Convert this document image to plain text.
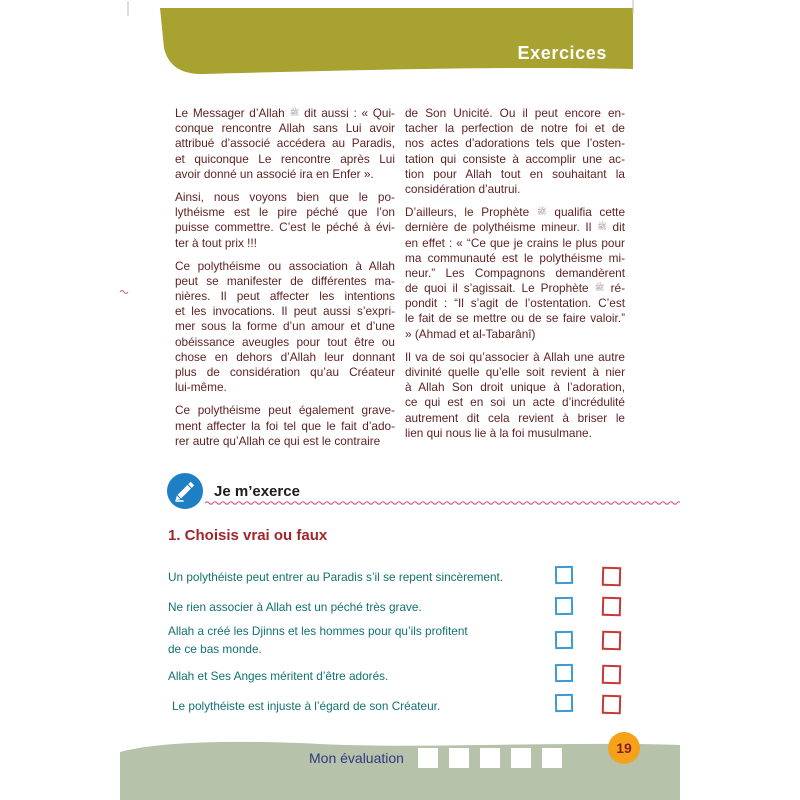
Exercices
Le Messager d’Allah ﷺ dit aussi : « Qui-
conque rencontre Allah sans Lui avoir
attribué d’associé accédera au Paradis,
et quiconque Le rencontre après Lui
avoir donné un associé ira en Enfer ».
Ainsi, nous voyons bien que le po-
lythéisme est le pire péché que l’on
puisse commettre. C’est le péché à évi-
ter à tout prix !!!
Ce polythéisme ou association à Allah
peut se manifester de différentes ma-
nières. Il peut affecter les intentions
et les invocations. Il peut aussi s’expri-
mer sous la forme d’un amour et d’une
obéissance aveugles pour tout être ou
chose en dehors d’Allah leur donnant
plus de considération qu’au Créateur
lui-même.
Ce polythéisme peut également grave-
ment affecter la foi tel que le fait d’ado-
rer autre qu’Allah ce qui est le contraire
de Son Unicité. Ou il peut encore en-
tacher la perfection de notre foi et de
nos actes d’adorations tels que l’osten-
tation qui consiste à accomplir une ac-
tion pour Allah tout en souhaitant la
considération d’autrui.
D’ailleurs, le Prophète ﷺ qualifia cette
dernière de polythéisme mineur. Il ﷺ dit
en effet : « “Ce que je crains le plus pour
ma communauté est le polythéisme mi-
neur.” Les Compagnons demandèrent
de quoi il s’agissait. Le Prophète ﷺ ré-
pondit : “Il s’agit de l’ostentation. C’est
le fait de se mettre ou de se faire valoir.”
» (Ahmad et al-Tabarânî)
Il va de soi qu’associer à Allah une autre
divinité quelle qu’elle soit revient à nier
à Allah Son droit unique à l’adoration,
ce qui est en soi un acte d’incrédulité
autrement dit cela revient à briser le
lien qui nous lie à la foi musulmane.
Je m’exerce
1. Choisis vrai ou faux
Un polythéiste peut entrer au Paradis s’il se repent sincèrement.
Ne rien associer à Allah est un péché très grave.
Allah a créé les Djinns et les hommes pour qu’ils profitent
de ce bas monde.
Allah et Ses Anges méritent d’être adorés.
Le polythéiste est injuste à l’égard de son Créateur.
Mon évaluation
19
